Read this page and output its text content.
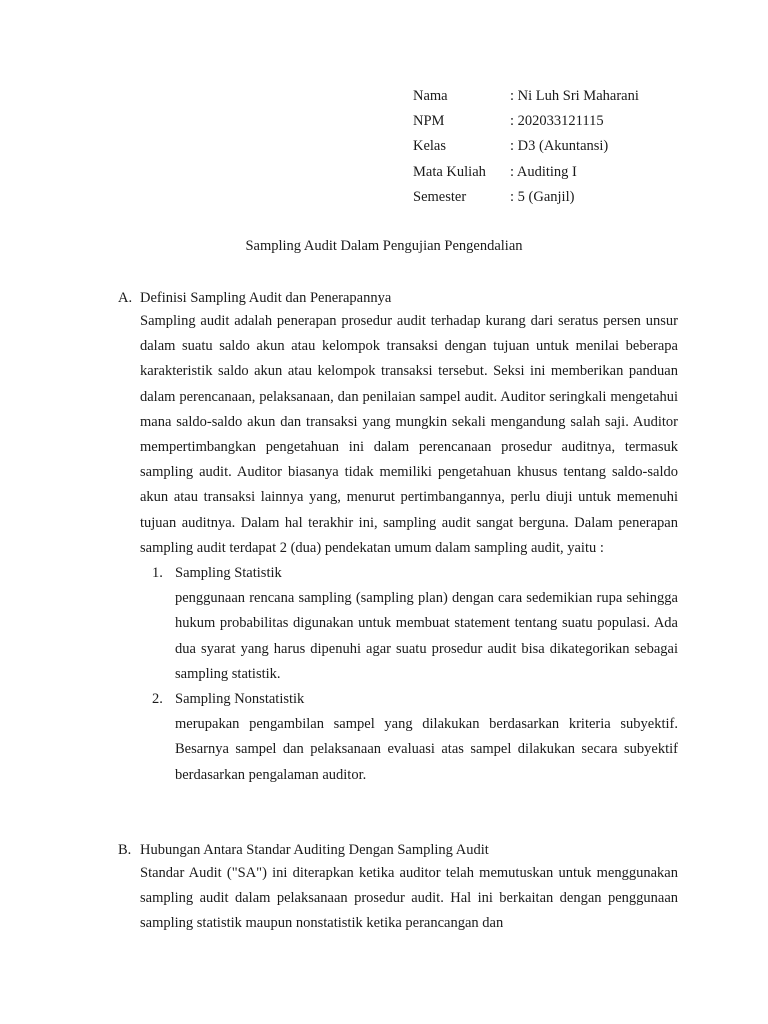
Nama	: Ni Luh Sri Maharani
NPM	: 202033121115
Kelas	: D3 (Akuntansi)
Mata Kuliah	: Auditing I
Semester	: 5 (Ganjil)
Sampling Audit Dalam Pengujian Pengendalian
A. Definisi Sampling Audit dan Penerapannya

Sampling audit adalah penerapan prosedur audit terhadap kurang dari seratus persen unsur dalam suatu saldo akun atau kelompok transaksi dengan tujuan untuk menilai beberapa karakteristik saldo akun atau kelompok transaksi tersebut. Seksi ini memberikan panduan dalam perencanaan, pelaksanaan, dan penilaian sampel audit. Auditor seringkali mengetahui mana saldo-saldo akun dan transaksi yang mungkin sekali mengandung salah saji. Auditor mempertimbangkan pengetahuan ini dalam perencanaan prosedur auditnya, termasuk sampling audit. Auditor biasanya tidak memiliki pengetahuan khusus tentang saldo-saldo akun atau transaksi lainnya yang, menurut pertimbangannya, perlu diuji untuk memenuhi tujuan auditnya. Dalam hal terakhir ini, sampling audit sangat berguna. Dalam penerapan sampling audit terdapat 2 (dua) pendekatan umum dalam sampling audit, yaitu :

1. Sampling Statistik

penggunaan rencana sampling (sampling plan) dengan cara sedemikian rupa sehingga hukum probabilitas digunakan untuk membuat statement tentang suatu populasi. Ada dua syarat yang harus dipenuhi agar suatu prosedur audit bisa dikategorikan sebagai sampling statistik.

2. Sampling Nonstatistik

merupakan pengambilan sampel yang dilakukan berdasarkan kriteria subyektif. Besarnya sampel dan pelaksanaan evaluasi atas sampel dilakukan secara subyektif berdasarkan pengalaman auditor.

B. Hubungan Antara Standar Auditing Dengan Sampling Audit

Standar Audit ("SA") ini diterapkan ketika auditor telah memutuskan untuk menggunakan sampling audit dalam pelaksanaan prosedur audit. Hal ini berkaitan dengan penggunaan sampling statistik maupun nonstatistik ketika perancangan dan
